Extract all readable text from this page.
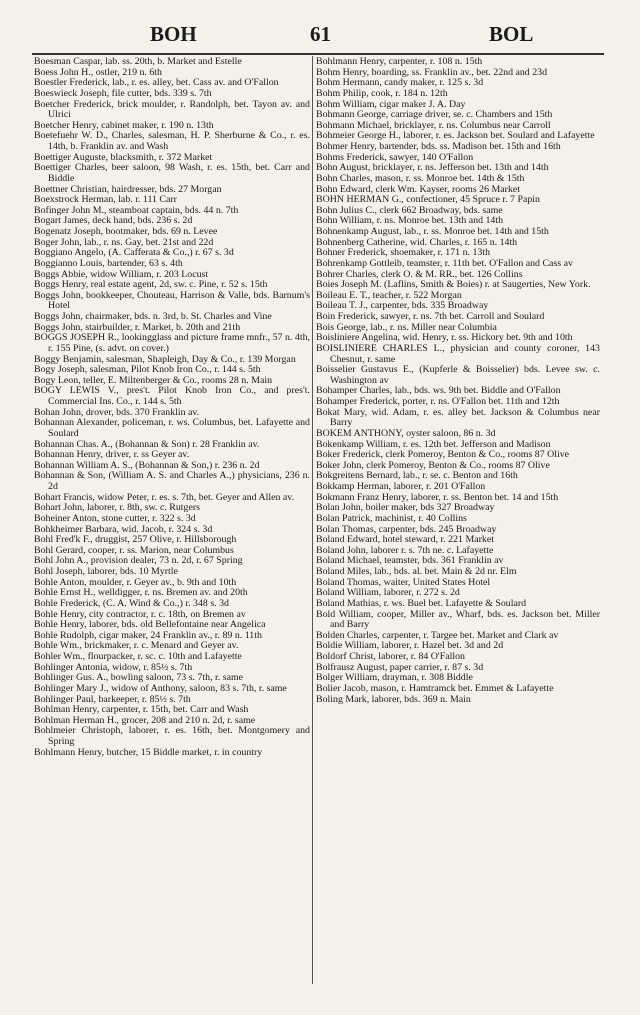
BOH	61	BOL

Boesman Caspar, lab. ss. 20th, b. Market and Estelle

Boess John H., ostler, 219 n. 6th

Boestler Frederick, lab., r. es. alley, bet. Cass av. and O'Fallon

Boeswieck Joseph, file cutter, bds. 339 s. 7th

Boetcher Frederick, brick moulder, r. Randolph, bet. Tayon av. and Ulrici

Boetcher Henry, cabinet maker, r. 190 n. 13th

Boetefuehr W. D., Charles, salesman, H. P. Sherburne & Co., r. es. 14th, b. Franklin av. and Wash

Boettiger Auguste, blacksmith, r. 372 Market

Boettiger Charles, beer saloon, 98 Wash, r. es. 15th, bet. Carr and Biddle

Boettner Christian, hairdresser, bds. 27 Morgan

Boexstrock Herman, lab. r. 111 Carr

Bofinger John M., steamboat captain, bds. 44 n. 7th

Bogart James, deck hand, bds. 236 s. 2d

Bogenatz Joseph, bootmaker, bds. 69 n. Levee

Boger John, lab., r. ns. Gay, bet. 21st and 22d

Boggiano Angelo, (A. Cafferata & Co.,) r. 67 s. 3d

Boggianno Louis, bartender, 63 s. 4th

Boggs Abbie, widow William, r. 203 Locust

Boggs Henry, real estate agent, 2d, sw. c. Pine, r. 52 s. 15th

Boggs John, bookkeeper, Chouteau, Harrison & Valle, bds. Barnum's Hotel

Boggs John, chairmaker, bds. n. 3rd, b. St. Charles and Vine

Boggs John, stairbuilder, r. Market, b. 20th and 21th

BOGGS JOSEPH R., lookingglass and picture frame mnfr., 57 n. 4th, r. 155 Pine, (s. advt. on cover.)

Boggy Benjamin, salesman, Shapleigh, Day & Co., r. 139 Morgan

Bogy Joseph, salesman, Pilot Knob Iron Co., r. 144 s. 5th

Bogy Leon, teller, E. Miltenberger & Co., rooms 28 n. Main

BOGY LEWIS V., pres't. Pilot Knob Iron Co., and pres't. Commercial Ins. Co., r. 144 s. 5th

Bohan John, drover, bds. 370 Franklin av.

Bohannan Alexander, policeman, r. ws. Columbus, bet. Lafayette and Soulard

Bohannan Chas. A., (Bohannan & Son) r. 28 Franklin av.

Bohannan Henry, driver, r. ss Geyer av.

Bohannan William A. S., (Bohannan & Son,) r. 236 n. 2d

Bohannan & Son, (William A. S. and Charles A.,) physicians, 236 n. 2d

Bohart Francis, widow Peter, r. es. s. 7th, bet. Geyer and Allen av.

Bohart John, laborer, r. 8th, sw. c. Rutgers

Boheiner Anton, stone cutter, r. 322 s. 3d

Bohkheimer Barbara, wid. Jacob, r. 324 s. 3d

Bohl Fred'k F., druggist, 257 Olive, r. Hillsborough

Bohl Gerard, cooper, r. ss. Marion, near Columbus

Bohl John A., provision dealer, 73 n. 2d, r. 67 Spring

Bohl Joseph, laborer, bds. 10 Myrtle

Bohle Anton, moulder, r. Geyer av., b. 9th and 10th

Bohle Ernst H., welldigger, r. ns. Bremen av. and 20th

Bohle Frederick, (C. A. Wind & Co.,) r. 348 s. 3d

Bohle Henry, city contractor, r. c. 18th, on Bremen av

Bohle Henry, laborer, bds. old Bellefontaine near Angelica

Bohle Rudolph, cigar maker, 24 Franklin av., r. 89 n. 11th

Bohle Wm., brickmaker, r. c. Menard and Geyer av.

Bohler Wm., flourpacker, r. sc. c. 10th and Lafayette

Bohlinger Antonia, widow, r. 85½ s. 7th

Bohlinger Gus. A., bowling saloon, 73 s. 7th, r. same

Bohlinger Mary J., widow of Anthony, saloon, 83 s. 7th, r. same

Bohlinger Paul, barkeeper, r. 85½ s. 7th

Bohlman Henry, carpenter, r. 15th, bet. Carr and Wash

Bohlman Herman H., grocer, 208 and 210 n. 2d, r. same

Bohlmeier Christoph, laborer, r. es. 16th, bet. Montgomery and Spring

Bohlmann Henry, butcher, 15 Biddle market, r. in country

Bohlmann Henry, carpenter, r. 108 n. 15th

Bohm Henry, boarding, ss. Franklin av., bet. 22nd and 23d

Bohm Hermann, candy maker, r. 125 s. 3d

Bohm Philip, cook, r. 184 n. 12th

Bohm William, cigar maker J. A. Day

Bohmann George, carriage driver, se. c. Chambers and 15th

Bohmann Michael, bricklayer, r. ns. Columbus near Carroll

Bohmeier George H., laborer, r. es. Jackson bet. Soulard and Lafayette

Bohmer Henry, bartender, bds. ss. Madison bet. 15th and 16th

Bohms Frederick, sawyer, 140 O'Fallon

Bohn August, bricklayer, r. ns. Jefferson bet. 13th and 14th

Bohn Charles, mason, r. ss. Monroe bet. 14th & 15th

Bohn Edward, clerk Wm. Kayser, rooms 26 Market

BOHN HERMAN G., confectioner, 45 Spruce r. 7 Papin

Bohn Julius C., clerk 662 Broadway, bds. same

Bohn William, r. ns. Monroe bet. 13th and 14th

Bohnenkamp August, lab., r. ss. Monroe bet. 14th and 15th

Bohnenberg Catherine, wid. Charles, r. 165 n. 14th

Bohner Frederick, shoemaker, r. 171 n. 13th

Bohrenkamp Gottleib, teamster, r. 11th bet. O'Fallon and Cass av

Bohrer Charles, clerk O. & M. RR., bet. 126 Collins

Boies Joseph M. (Laflins, Smith & Boies) r. at Saugerties, New York.

Boileau E. T., teacher, r. 522 Morgan

Boileau T. J., carpenter, bds. 335 Broadway

Boin Frederick, sawyer, r. ns. 7th bet. Carroll and Soulard

Bois George, lab., r. ns. Miller near Columbia

Boisliniere Angelina, wid. Henry, r. ss. Hickory bet. 9th and 10th

BOISLINIERE CHARLES L., physician and county coroner, 143 Chesnut, r. same

Boisselier Gustavus E., (Kupferle & Boisselier) bds. Levee sw. c. Washington av

Bohamper Charles, lab., bds. ws. 9th bet. Biddle and O'Fallon

Bohamper Frederick, porter, r. ns. O'Fallon bet. 11th and 12th

Bokat Mary, wid. Adam, r. es. alley bet. Jackson & Columbus near Barry

BOKEM ANTHONY, oyster saloon, 86 n. 3d

Bokenkamp William, r. es. 12th bet. Jefferson and Madison

Boker Frederick, clerk Pomeroy, Benton & Co., rooms 87 Olive

Boker John, clerk Pomeroy, Benton & Co., rooms 87 Olive

Bokgreitens Bernard, lab., r. se. c. Benton and 16th

Bokkamp Herman, laborer, r. 201 O'Fallon

Bokmann Franz Henry, laborer, r. ss. Benton bet. 14 and 15th

Bolan John, boiler maker, bds 327 Broadway

Bolan Patrick, machinist, r. 40 Collins

Bolan Thomas, carpenter, bds. 245 Broadway

Boland Edward, hotel steward, r. 221 Market

Boland John, laborer r. s. 7th ne. c. Lafayette

Boland Michael, teamster, bds. 361 Franklin av

Boland Miles, lab., bds. al. bet. Main & 2d nr. Elm

Boland Thomas, waiter, United States Hotel

Boland William, laborer, r. 272 s. 2d

Boland Mathias, r. ws. Buel bet. Lafayette & Soulard

Bold William, cooper, Miller av., Wharf, bds. es. Jackson bet. Miller and Barry

Bolden Charles, carpenter, r. Targee bet. Market and Clark av

Boldie William, laborer, r. Hazel bet. 3d and 2d

Boldorf Christ, laborer, r. 84 O'Fallon

Bolfrausz August, paper carrier, r. 87 s. 3d

Bolger William, drayman, r. 308 Biddle

Bolier Jacob, mason, r. Hamtramck bet. Emmet & Lafayette

Boling Mark, laborer, bds. 369 n. Main
